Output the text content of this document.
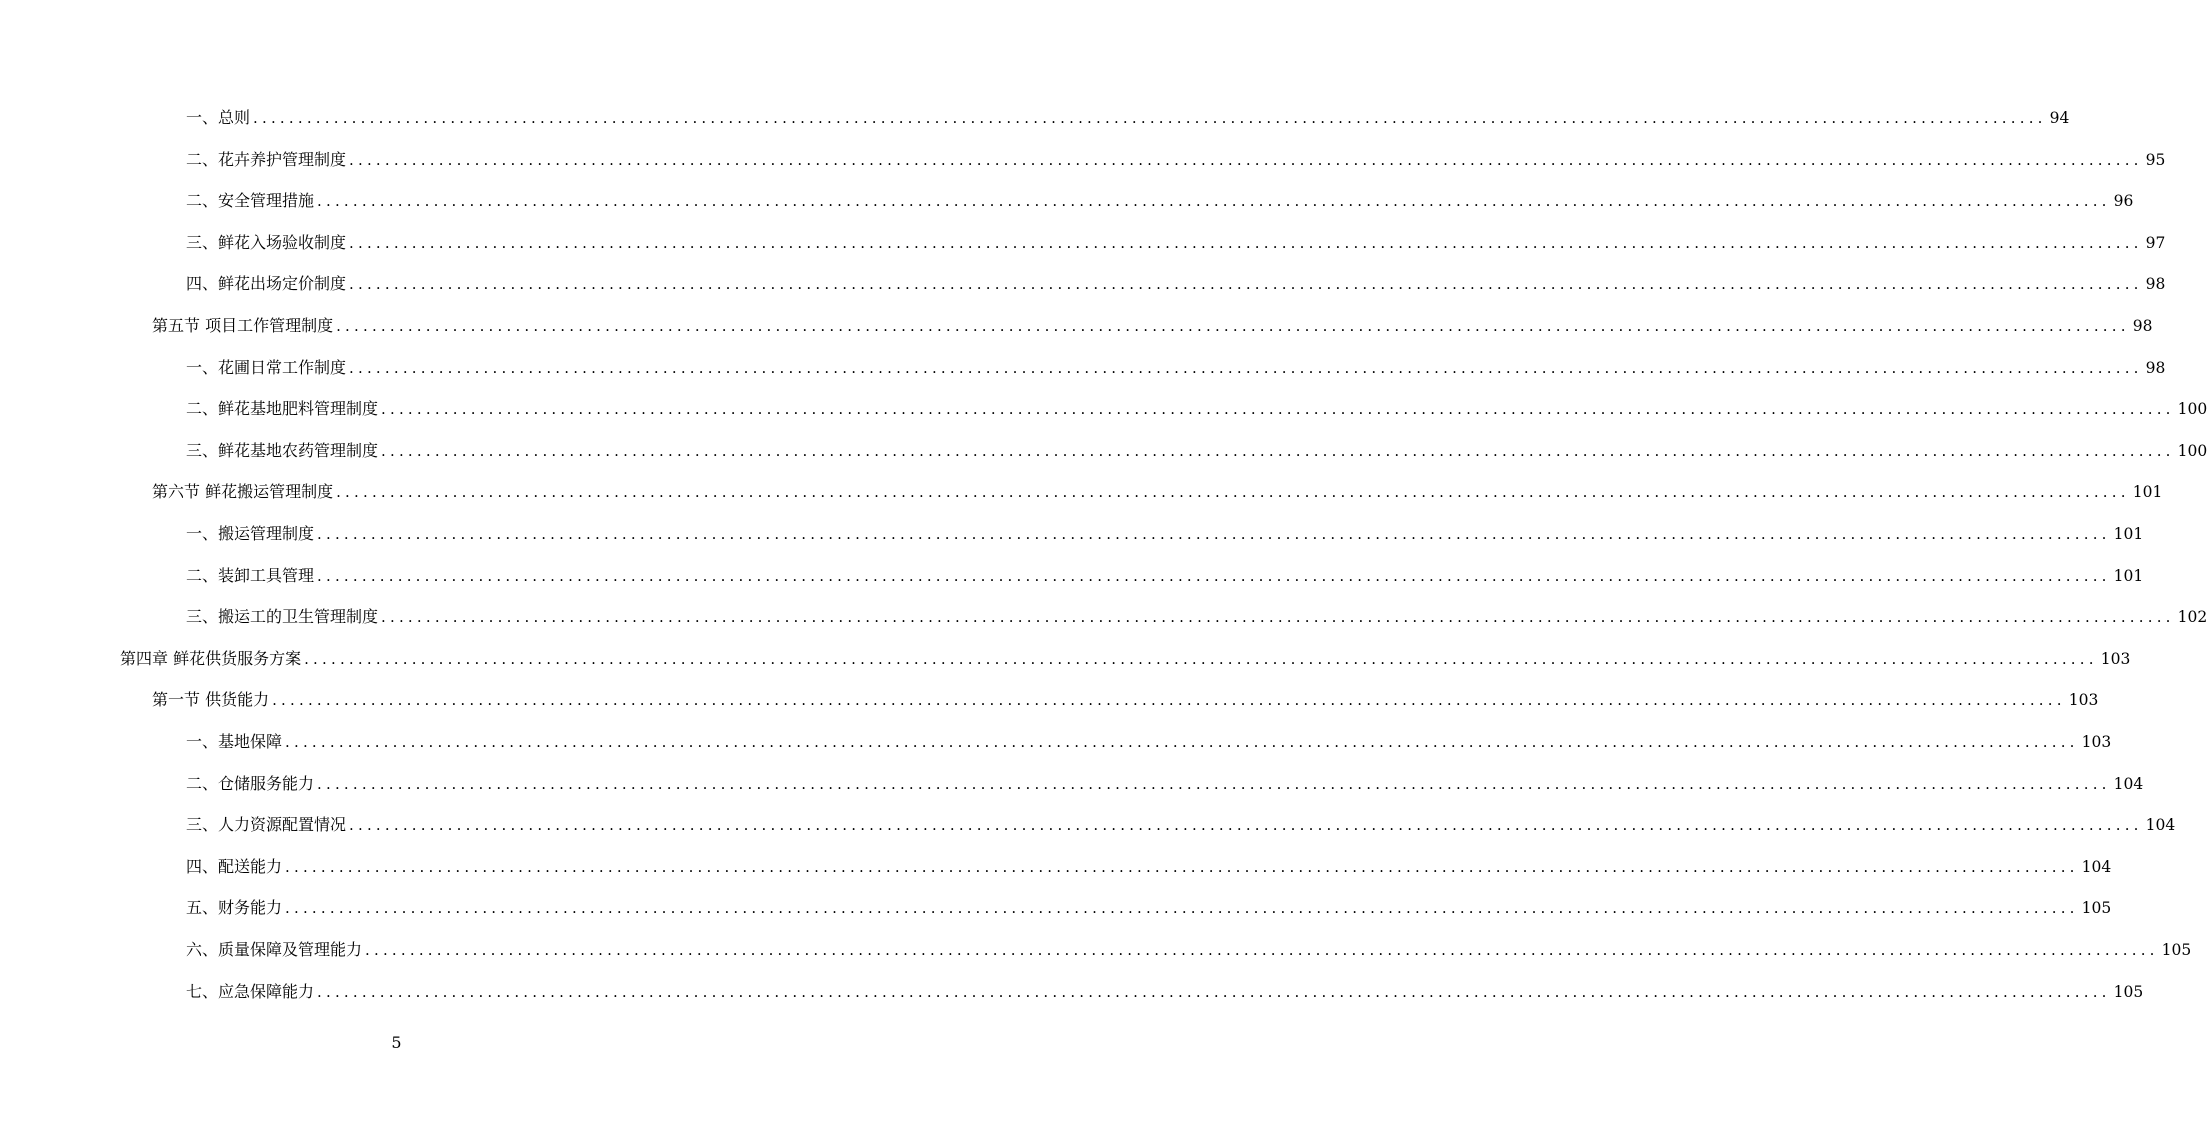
一、总则 ........................................................................................................................................................................................................ 94
二、花卉养护管理制度 ........................................................................................................................................................................................................ 95
二、安全管理措施 ........................................................................................................................................................................................................ 96
三、鲜花入场验收制度 ........................................................................................................................................................................................................ 97
四、鲜花出场定价制度 ........................................................................................................................................................................................................ 98
第五节 项目工作管理制度 ........................................................................................................................................................................................................ 98
一、花圃日常工作制度 ........................................................................................................................................................................................................ 98
二、鲜花基地肥料管理制度 ........................................................................................................................................................................................................ 100
三、鲜花基地农药管理制度 ........................................................................................................................................................................................................ 100
第六节 鲜花搬运管理制度 ........................................................................................................................................................................................................ 101
一、搬运管理制度 ........................................................................................................................................................................................................ 101
二、装卸工具管理 ........................................................................................................................................................................................................ 101
三、搬运工的卫生管理制度 ........................................................................................................................................................................................................ 102
第四章 鲜花供货服务方案 ........................................................................................................................................................................................................ 103
第一节 供货能力 ........................................................................................................................................................................................................ 103
一、基地保障 ........................................................................................................................................................................................................ 103
二、仓储服务能力 ........................................................................................................................................................................................................ 104
三、人力资源配置情况 ........................................................................................................................................................................................................ 104
四、配送能力 ........................................................................................................................................................................................................ 104
五、财务能力 ........................................................................................................................................................................................................ 105
六、质量保障及管理能力 ........................................................................................................................................................................................................ 105
七、应急保障能力 ........................................................................................................................................................................................................ 105
5
